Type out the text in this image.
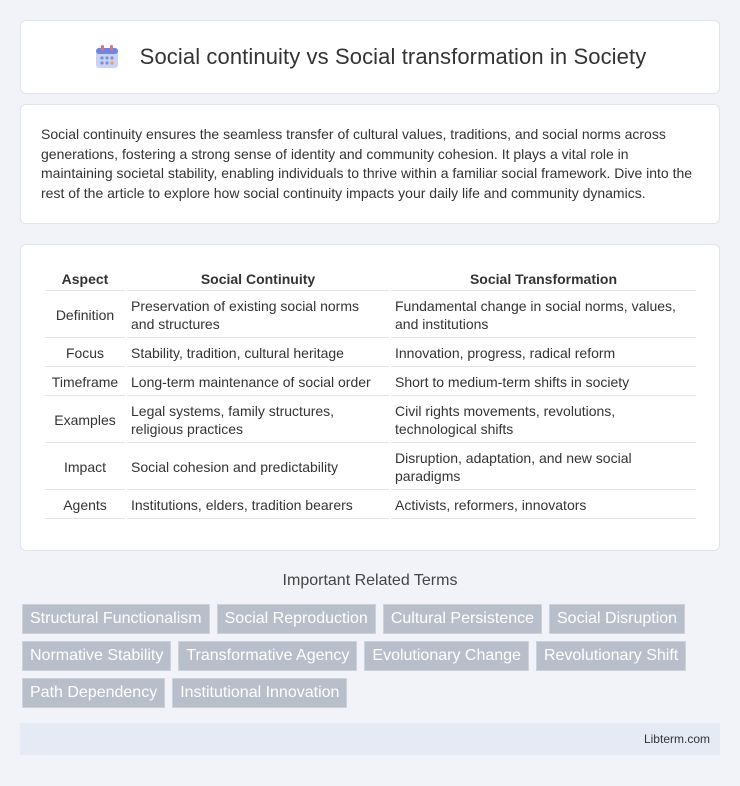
Social continuity vs Social transformation in Society

Social continuity ensures the seamless transfer of cultural values, traditions, and social norms across generations, fostering a strong sense of identity and community cohesion. It plays a vital role in maintaining societal stability, enabling individuals to thrive within a familiar social framework. Dive into the rest of the article to explore how social continuity impacts your daily life and community dynamics.

Aspect	Social Continuity	Social Transformation
Definition	Preservation of existing social norms and structures	Fundamental change in social norms, values, and institutions
Focus	Stability, tradition, cultural heritage	Innovation, progress, radical reform
Timeframe	Long-term maintenance of social order	Short to medium-term shifts in society
Examples	Legal systems, family structures, religious practices	Civil rights movements, revolutions, technological shifts
Impact	Social cohesion and predictability	Disruption, adaptation, and new social paradigms
Agents	Institutions, elders, tradition bearers	Activists, reformers, innovators
Important Related Terms
Structural Functionalism	Social Reproduction	Cultural Persistence	Social Disruption
Normative Stability	Transformative Agency	Evolutionary Change	Revolutionary Shift
Path Dependency	Institutional Innovation
Libterm.com
